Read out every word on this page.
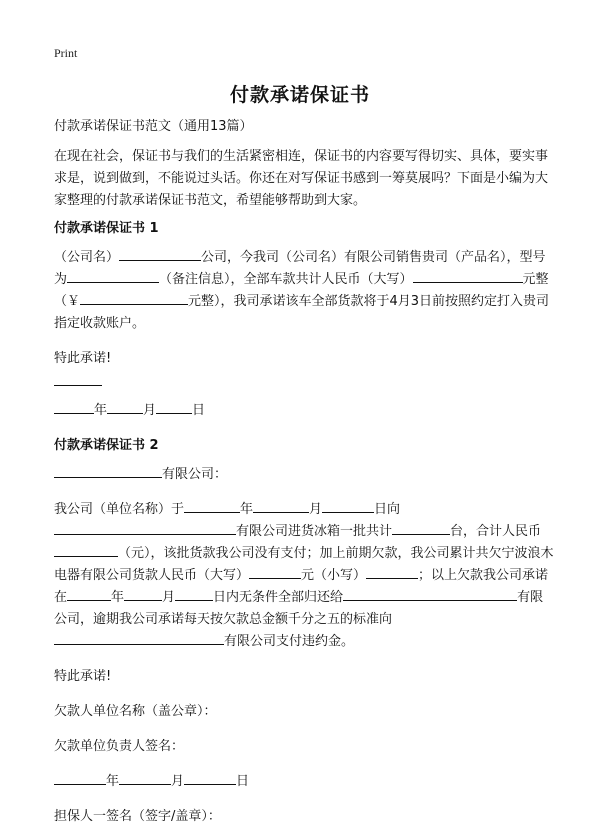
Print
付款承诺保证书

付款承诺保证书范文（通用13篇）

在现在社会，保证书与我们的生活紧密相连，保证书的内容要写得切实、具体，要实事求是，说到做到，不能说过头话。你还在对写保证书感到一筹莫展吗？下面是小编为大家整理的付款承诺保证书范文，希望能够帮助到大家。

付款承诺保证书 1

（公司名）	公司，今我司（公司名）有限公司销售贵司（产品名），型号为	（备注信息），全部车款共计人民币（大写）	元整（￥	元整），我司承诺该车全部货款将于4月3日前按照约定打入贵司指定收款账户。

特此承诺!

年	月	日

付款承诺保证书 2

有限公司：

我公司（单位名称）于	年	月	日向有限公司进货冰箱一批共计	台，合计人民币（元），该批货款我公司没有支付；加上前期欠款，我公司累计共欠宁波浪木电器有限公司货款人民币（大写）	元（小写）	；以上欠款我公司承诺在	年	月	日内无条件全部归还给	有限公司，逾期我公司承诺每天按欠款总金额千分之五的标准向有限公司支付违约金。

特此承诺!

欠款人单位名称（盖公章）：

欠款单位负责人签名：

年	月	日

担保人一签名（签字/盖章）：
